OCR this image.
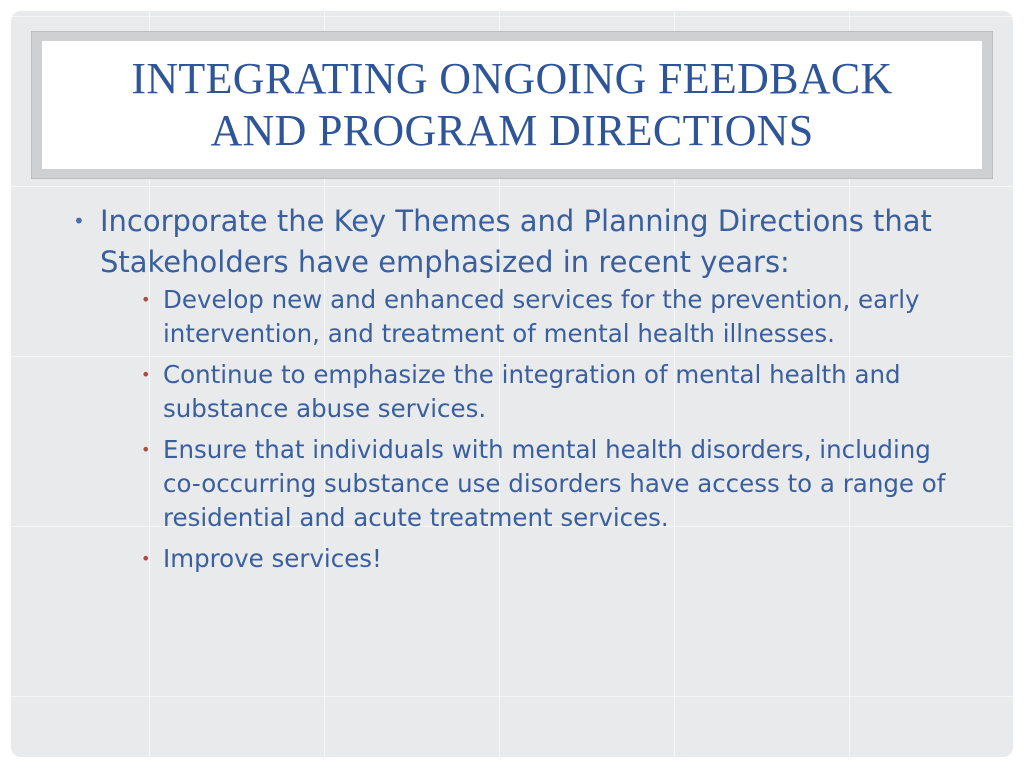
INTEGRATING ONGOING FEEDBACK
AND PROGRAM DIRECTIONS
• Incorporate the Key Themes and Planning Directions that Stakeholders have emphasized in recent years:
• Develop new and enhanced services for the prevention, early intervention, and treatment of mental health illnesses.
• Continue to emphasize the integration of mental health and substance abuse services.
• Ensure that individuals with mental health disorders, including co-occurring substance use disorders have access to a range of residential and acute treatment services.
• Improve services!
